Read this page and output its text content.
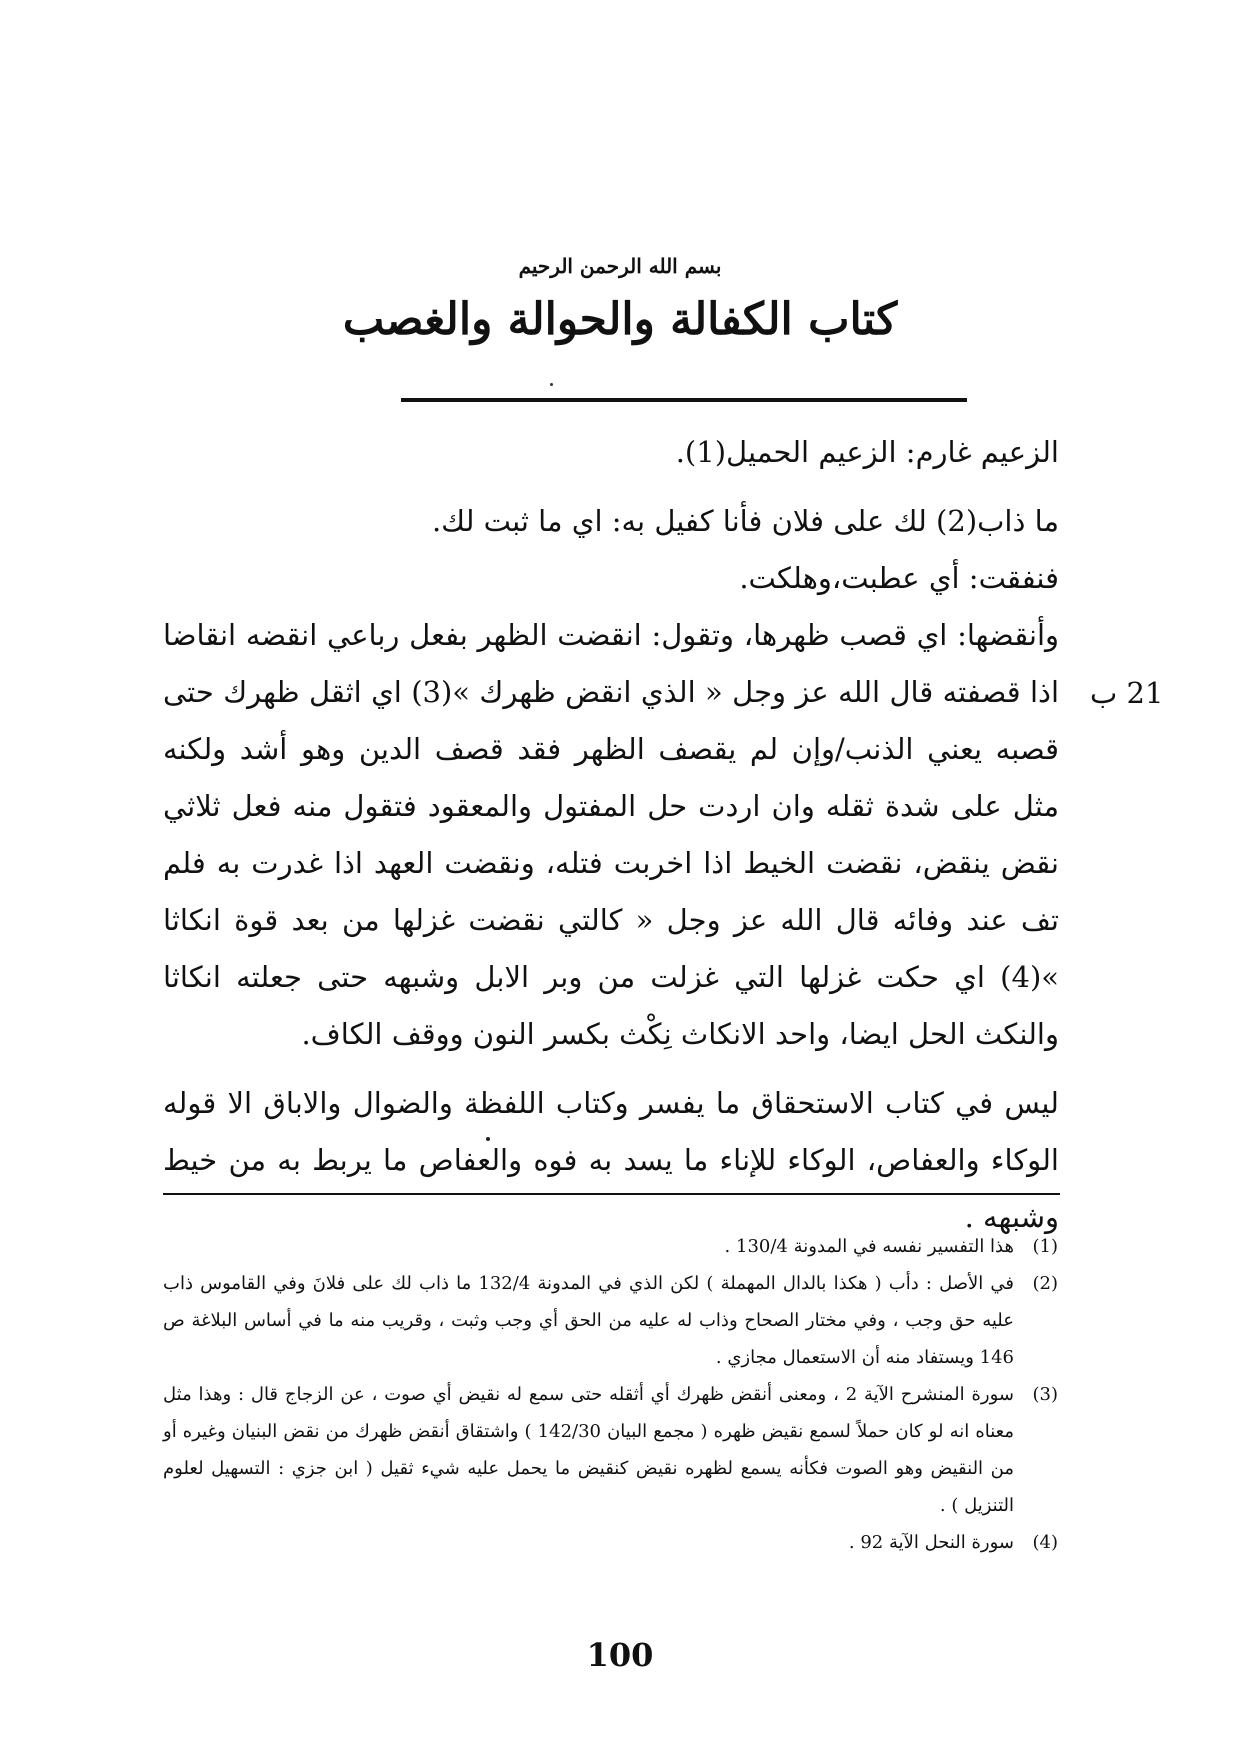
بسم الله الرحمن الرحيم
كتاب الكفالة والحوالة والغصب
21 ب

الزعيم غارم: الزعيم الحميل(1).

ما ذاب(2) لك على فلان فأنا كفيل به: اي ما ثبت لك.

فنفقت: أي عطبت،وهلكت.

وأنقضها: اي قصب ظهرها، وتقول: انقضت الظهر بفعل رباعي انقضه انقاضا اذا قصفته قال الله عز وجل « الذي انقض ظهرك »(3) اي اثقل ظهرك حتى قصبه يعني الذنب/وإن لم يقصف الظهر فقد قصف الدين وهو أشد ولكنه مثل على شدة ثقله وان اردت حل المفتول والمعقود فتقول منه فعل ثلاثي نقض ينقض، نقضت الخيط اذا اخربت فتله، ونقضت العهد اذا غدرت به فلم تف عند وفائه قال الله عز وجل « كالتي نقضت غزلها من بعد قوة انكاثا »(4) اي حكت غزلها التي غزلت من وبر الابل وشبهه حتى جعلته انكاثا والنكث الحل ايضا، واحد الانكاث نِكْث بكسر النون ووقف الكاف.

ليس في كتاب الاستحقاق ما يفسر وكتاب اللفظة والضوال والاباق الا قوله الوكاء والعفاص، الوكاء للإناء ما يسد به فوه والعفاص ما يربط به من خيط وشبهه .

(1)
هذا التفسير نفسه في المدونة 130/4 .
(2)
في الأصل : دأب ( هكذا بالدال المهملة ) لكن الذي في المدونة 132/4 ما ذاب لك على فلانَ وفي القاموس ذاب عليه حق وجب ، وفي مختار الصحاح وذاب له عليه من الحق أي وجب وثبت ، وقريب منه ما في أساس البلاغة ص 146 ويستفاد منه أن الاستعمال مجازي .
(3)
سورة المنشرح الآية 2 ، ومعنى أنقض ظهرك أي أثقله حتى سمع له نقيض أي صوت ، عن الزجاج قال : وهذا مثل معناه انه لو كان حملاً لسمع نقيض ظهره ( مجمع البيان 142/30 ) واشتقاق أنقض ظهرك من نقض البنيان وغيره أو من النقيض وهو الصوت فكأنه يسمع لظهره نقيض كنقيض ما يحمل عليه شيء ثقيل ( ابن جزي : التسهيل لعلوم التنزيل ) .
(4)
سورة النحل الآية 92 .
100
